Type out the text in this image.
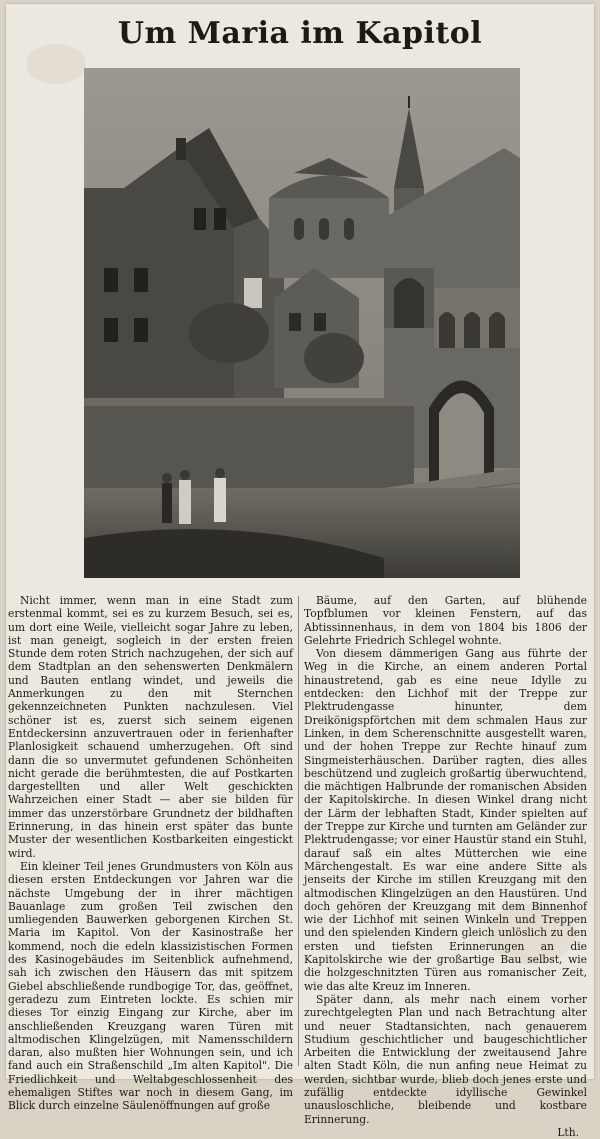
Um Maria im Kapitol

Nicht immer, wenn man in eine Stadt zum erstenmal kommt, sei es zu kurzem Besuch, sei es, um dort eine Weile, vielleicht sogar Jahre zu leben, ist man geneigt, sogleich in der ersten freien Stunde dem roten Strich nachzugehen, der sich auf dem Stadtplan an den sehenswerten Denkmälern und Bauten entlang windet, und jeweils die Anmerkungen zu den mit Sternchen gekennzeichneten Punkten nachzulesen. Viel schöner ist es, zuerst sich seinem eigenen Entdeckersinn anzuvertrauen oder in ferienhafter Planlosigkeit schauend umherzugehen. Oft sind dann die so unvermutet gefundenen Schönheiten nicht gerade die berühmtesten, die auf Postkarten dargestellten und aller Welt geschickten Wahrzeichen einer Stadt — aber sie bilden für immer das unzerstörbare Grundnetz der bildhaften Erinnerung, in das hinein erst später das bunte Muster der wesentlichen Kostbarkeiten eingestickt wird.

Ein kleiner Teil jenes Grundmusters von Köln aus diesen ersten Entdeckungen vor Jahren war die nächste Umgebung der in ihrer mächtigen Bauanlage zum großen Teil zwischen den umliegenden Bauwerken geborgenen Kirchen St. Maria im Kapitol. Von der Kasinostraße her kommend, noch die edeln klassizistischen Formen des Kasinogebäudes im Seitenblick aufnehmend, sah ich zwischen den Häusern das mit spitzem Giebel abschließende rundbogige Tor, das, geöffnet, geradezu zum Eintreten lockte. Es schien mir dieses Tor einzig Eingang zur Kirche, aber im anschließenden Kreuzgang waren Türen mit altmodischen Klingelzügen, mit Namensschildern daran, also mußten hier Wohnungen sein, und ich fand auch ein Straßenschild „Im alten Kapitol". Die Friedlichkeit und Weltabgeschlossenheit des ehemaligen Stiftes war noch in diesem Gang, im Blick durch einzelne Säulenöffnungen auf große

Bäume, auf den Garten, auf blühende Topfblumen vor kleinen Fenstern, auf das Abtissinnenhaus, in dem von 1804 bis 1806 der Gelehrte Friedrich Schlegel wohnte.

Von diesem dämmerigen Gang aus führte der Weg in die Kirche, an einem anderen Portal hinaustretend, gab es eine neue Idylle zu entdecken: den Lichhof mit der Treppe zur Plektrudengasse hinunter, dem Dreikönigspförtchen mit dem schmalen Haus zur Linken, in dem Scherenschnitte ausgestellt waren, und der hohen Treppe zur Rechte hinauf zum Singmeisterhäuschen. Darüber ragten, dies alles beschützend und zugleich großartig überwuchtend, die mächtigen Halbrunde der romanischen Absiden der Kapitolskirche. In diesen Winkel drang nicht der Lärm der lebhaften Stadt, Kinder spielten auf der Treppe zur Kirche und turnten am Geländer zur Plektrudengasse; vor einer Haustür stand ein Stuhl, darauf saß ein altes Mütterchen wie eine Märchengestalt. Es war eine andere Sitte als jenseits der Kirche im stillen Kreuzgang mit den altmodischen Klingelzügen an den Haustüren. Und doch gehören der Kreuzgang mit dem Binnenhof wie der Lichhof mit seinen Winkeln und Treppen und den spielenden Kindern gleich unlöslich zu den ersten und tiefsten Erinnerungen an die Kapitolskirche wie der großartige Bau selbst, wie die holzgeschnitzten Türen aus romanischer Zeit, wie das alte Kreuz im Inneren.

Später dann, als mehr nach einem vorher zurechtgelegten Plan und nach Betrachtung alter und neuer Stadtansichten, nach genauerem Studium geschichtlicher und baugeschichtlicher Arbeiten die Entwicklung der zweitausend Jahre alten Stadt Köln, die nun anfing neue Heimat zu werden, sichtbar wurde, blieb doch jenes erste und zufällig entdeckte idyllische Gewinkel unausloschliche, bleibende und kostbare Erinnerung.

Lth.
